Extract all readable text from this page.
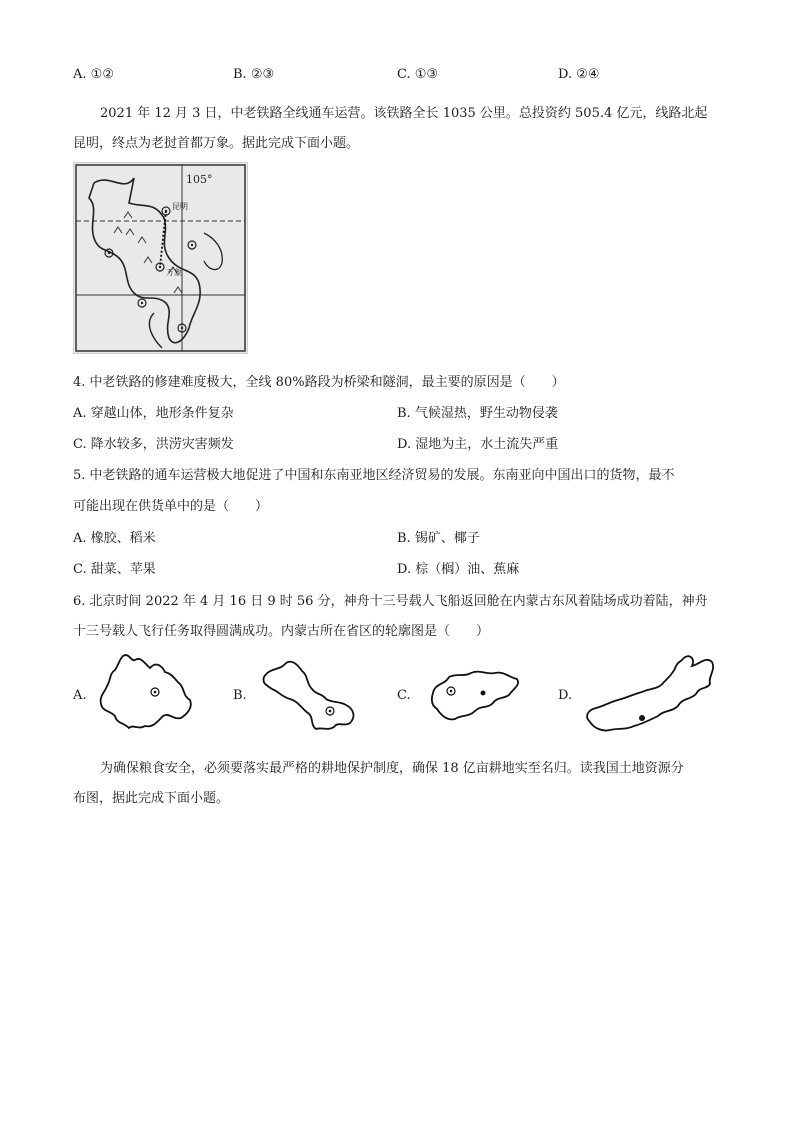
A. ①②	B. ②③	C. ①③	D. ②④
2021 年 12 月 3 日，中老铁路全线通车运营。该铁路全长 1035 公里。总投资约 505.4 亿元，线路北起
昆明，终点为老挝首都万象。据此完成下面小题。
105°
昆明
万象
4. 中老铁路的修建难度极大，全线 80%路段为桥梁和隧洞，最主要的原因是（　　）
A. 穿越山体，地形条件复杂	B. 气候湿热，野生动物侵袭
C. 降水较多，洪涝灾害频发	D. 湿地为主，水土流失严重
5. 中老铁路的通车运营极大地促进了中国和东南亚地区经济贸易的发展。东南亚向中国出口的货物，最不
可能出现在供货单中的是（　　）
A. 橡胶、稻米	B. 锡矿、椰子
C. 甜菜、苹果	D. 棕（榈）油、蕉麻
6. 北京时间 2022 年 4 月 16 日 9 时 56 分，神舟十三号载人飞船返回舱在内蒙古东风着陆场成功着陆，神舟
十三号载人飞行任务取得圆满成功。内蒙古所在省区的轮廓图是（　　）
A.	B.	C.	D.
为确保粮食安全，必须要落实最严格的耕地保护制度，确保 18 亿亩耕地实至名归。读我国土地资源分
布图，据此完成下面小题。
